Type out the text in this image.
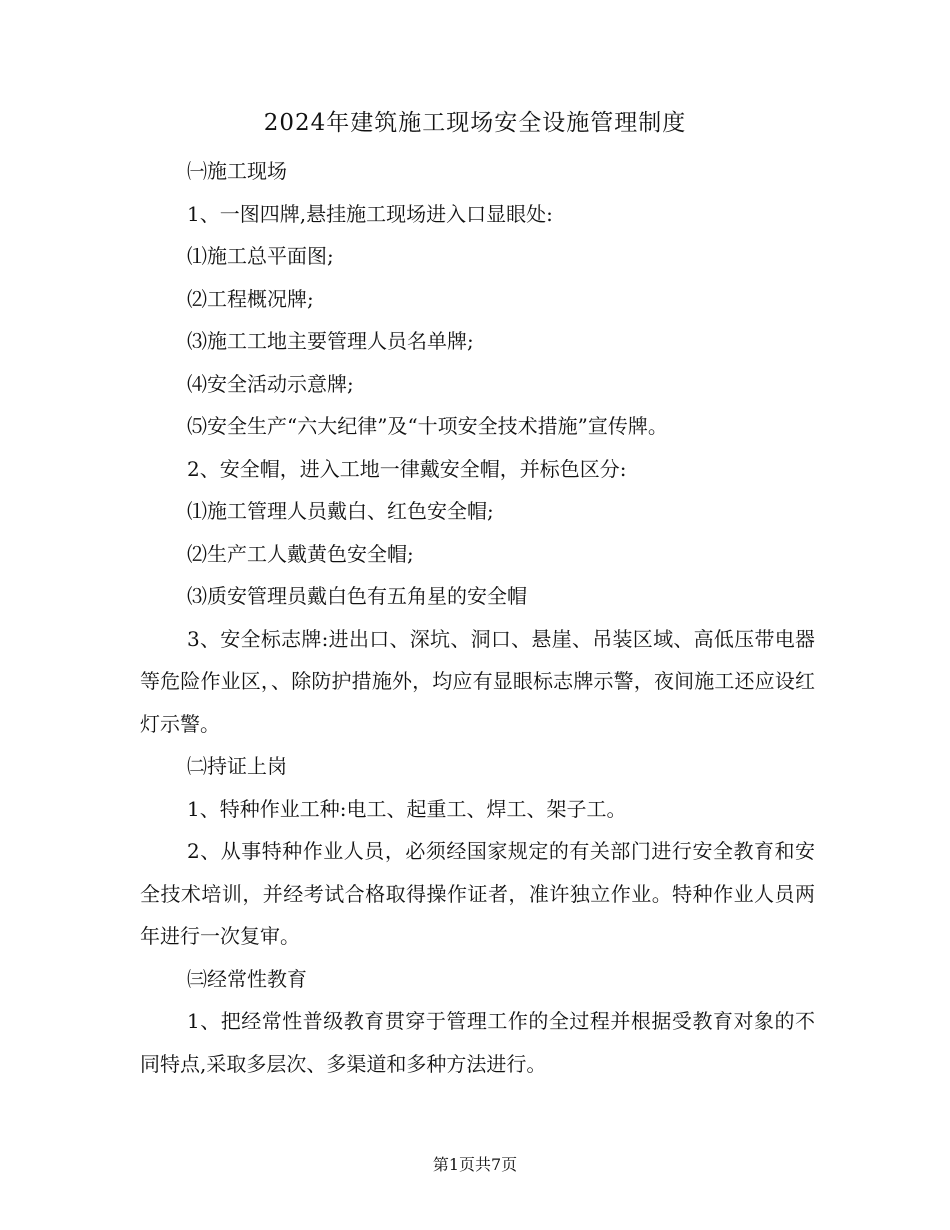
2024年建筑施工现场安全设施管理制度

㈠施工现场

1、一图四牌,悬挂施工现场进入口显眼处:

⑴施工总平面图;

⑵工程概况牌;

⑶施工工地主要管理人员名单牌;

⑷安全活动示意牌;

⑸安全生产“六大纪律”及“十项安全技术措施”宣传牌。

2、安全帽，进入工地一律戴安全帽，并标色区分:

⑴施工管理人员戴白、红色安全帽;

⑵生产工人戴黄色安全帽;

⑶质安管理员戴白色有五角星的安全帽

3、安全标志牌:进出口、深坑、洞口、悬崖、吊装区域、高低压带电器等危险作业区，、除防护措施外，均应有显眼标志牌示警，夜间施工还应设红灯示警。

㈡持证上岗

1、特种作业工种:电工、起重工、焊工、架子工。

2、从事特种作业人员，必须经国家规定的有关部门进行安全教育和安全技术培训，并经考试合格取得操作证者，准许独立作业。特种作业人员两年进行一次复审。

㈢经常性教育

1、把经常性普级教育贯穿于管理工作的全过程并根据受教育对象的不同特点,采取多层次、多渠道和多种方法进行。

第1页共7页
